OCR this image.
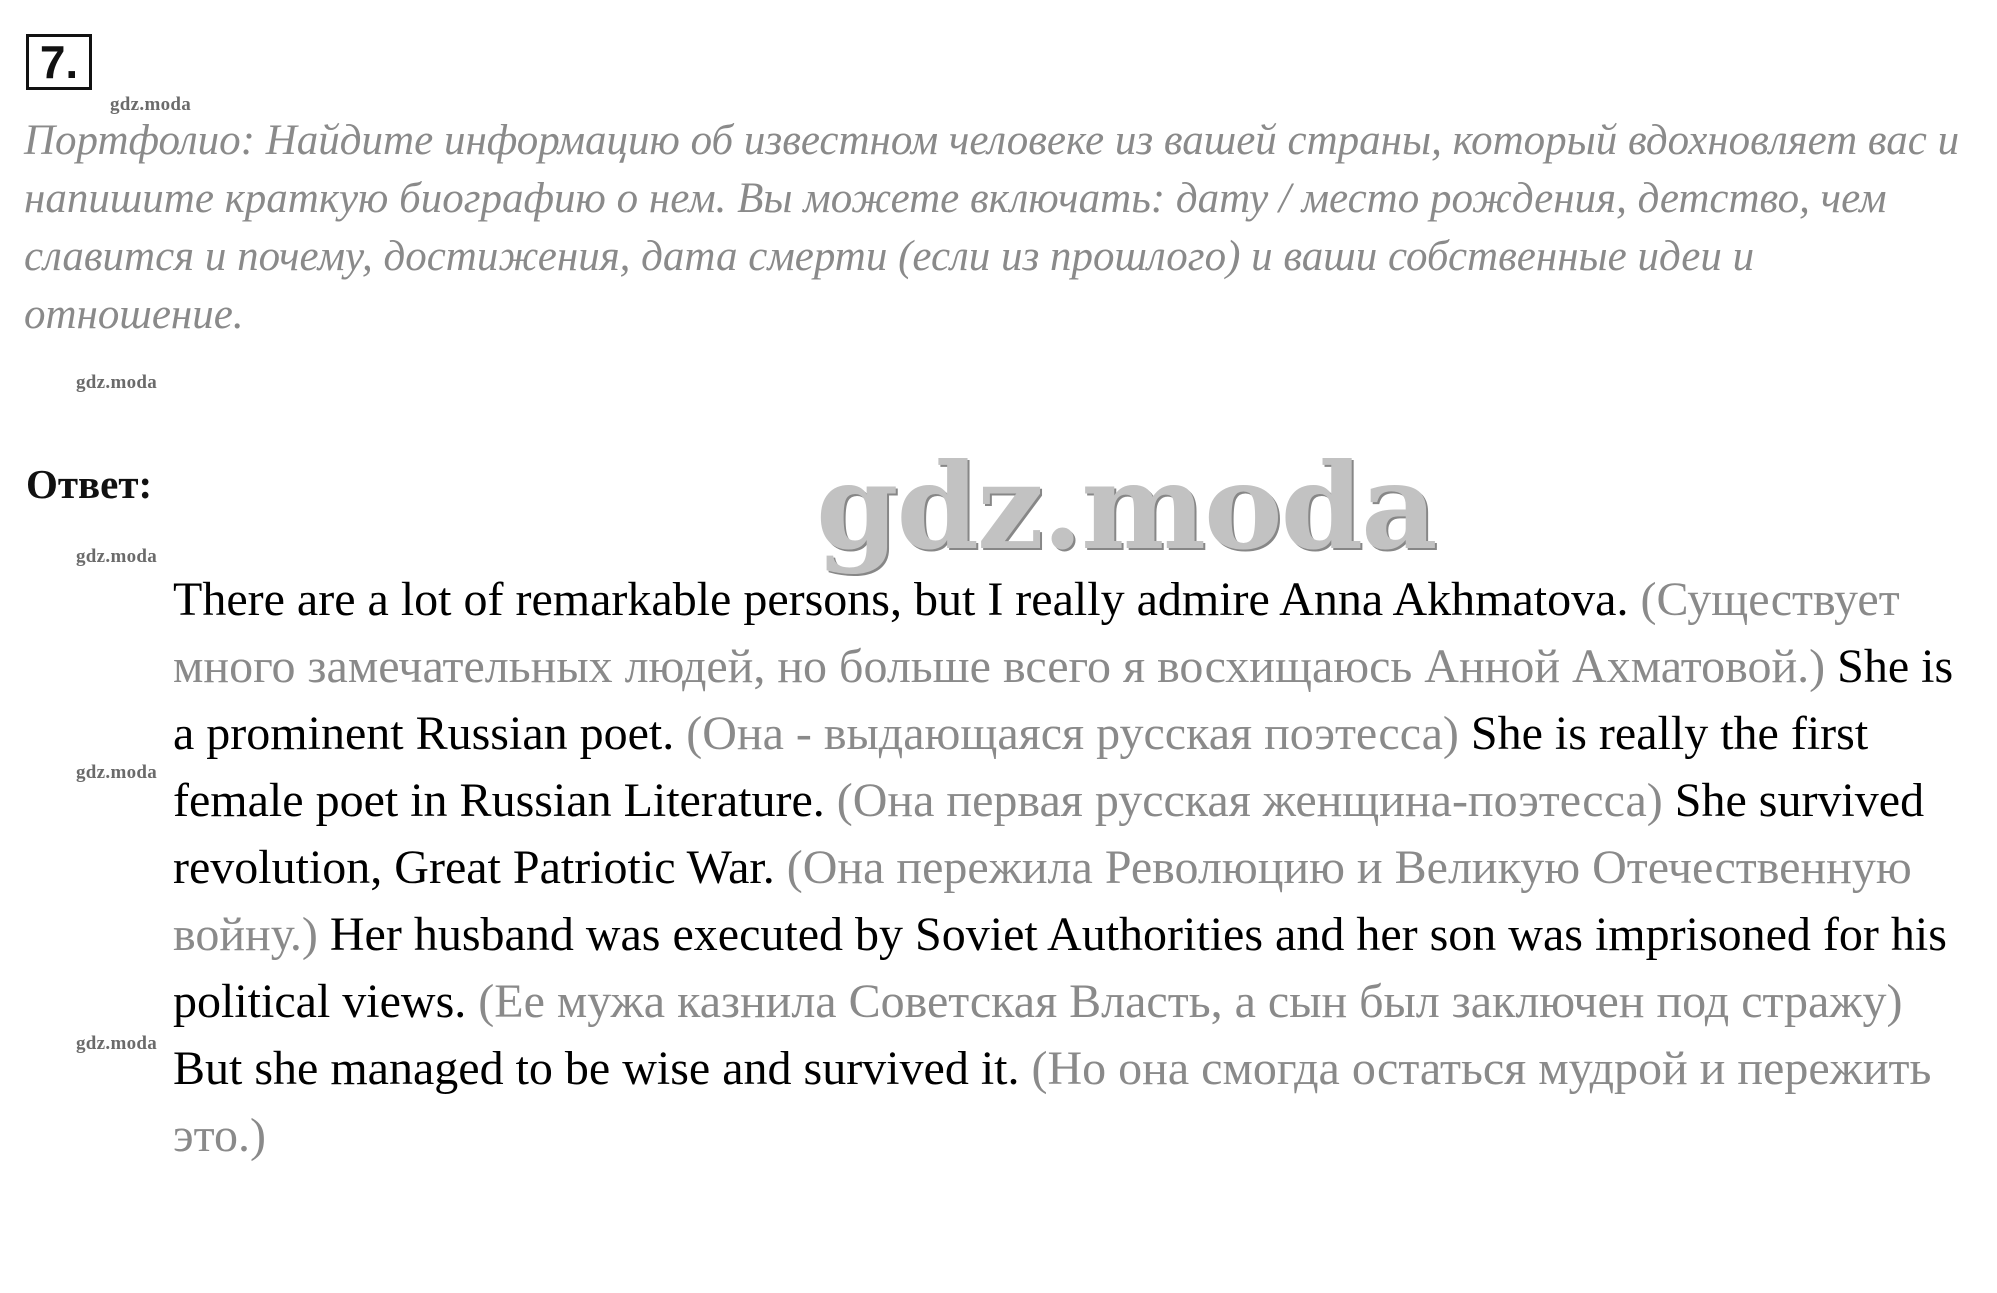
7.
gdz.moda
gdz.moda
gdz.moda
gdz.moda
gdz.moda

Портфолио: Найдите информацию об известном человеке из вашей страны, который вдохновляет вас и напишите краткую биографию о нем. Вы можете включать: дату / место рождения, детство, чем славится и почему, достижения, дата смерти (если из прошлого) и ваши собственные идеи и отношение.

Ответ:

There are a lot of remarkable persons, but I really admire Anna Akhmatova. (Существует много замечательных людей, но больше всего я восхищаюсь Анной Ахматовой.) She is a prominent Russian poet. (Она - выдающаяся русская поэтесса) She is really the first female poet in Russian Literature. (Она первая русская женщина-поэтесса) She survived revolution, Great Patriotic War. (Она пережила Революцию и Великую Отечественную войну.) Her husband was executed by Soviet Authorities and her son was imprisoned for his political views. (Ее мужа казнила Советская Власть, а сын был заключен под стражу) But she managed to be wise and survived it. (Но она смогда остаться мудрой и пережить это.)

gdz.moda
